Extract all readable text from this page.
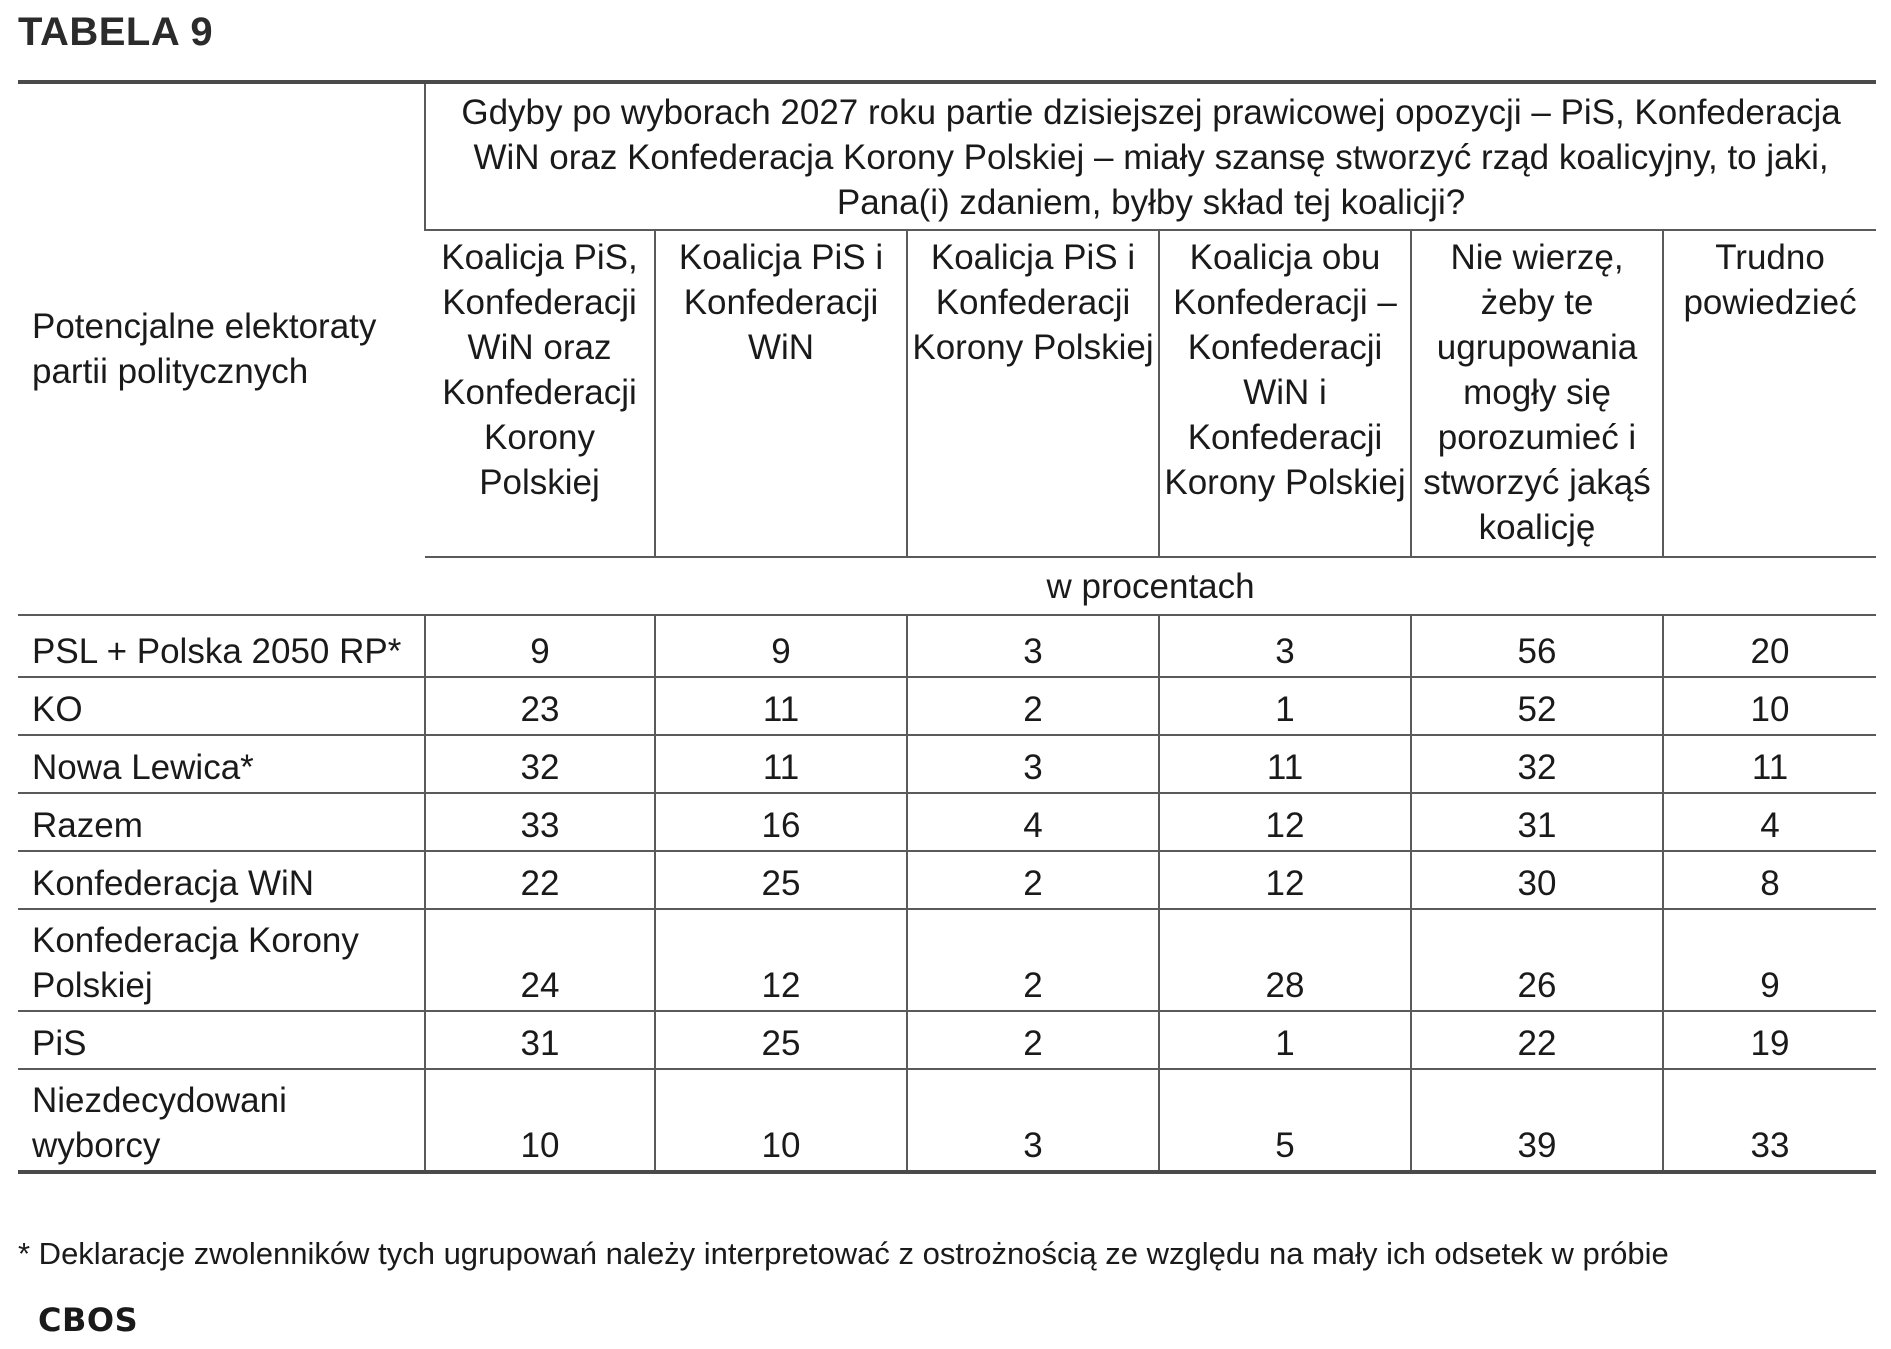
TABELA 9
Potencjalne elektoraty partii politycznych	Gdyby po wyborach 2027 roku partie dzisiejszej prawicowej opozycji – PiS, Konfederacja WiN oraz Konfederacja Korony Polskiej – miały szansę stworzyć rząd koalicyjny, to jaki, Pana(i) zdaniem, byłby skład tej koalicji?					
	Koalicja PiS, Konfederacji WiN oraz Konfederacji Korony Polskiej	Koalicja PiS i Konfederacji WiN	Koalicja PiS i Konfederacji Korony Polskiej	Koalicja obu Konfederacji – Konfederacji WiN i Konfederacji Korony Polskiej	Nie wierzę, żeby te ugrupowania mogły się porozumieć i stworzyć jakąś koalicję	Trudno powiedzieć
	w procentach					
PSL + Polska 2050 RP*	9	9	3	3	56	20
KO	23	11	2	1	52	10
Nowa Lewica*	32	11	3	11	32	11
Razem	33	16	4	12	31	4
Konfederacja WiN	22	25	2	12	30	8
Konfederacja Korony Polskiej	24	12	2	28	26	9
PiS	31	25	2	1	22	19
Niezdecydowani wyborcy	10	10	3	5	39	33
* Deklaracje zwolenników tych ugrupowań należy interpretować z ostrożnością ze względu na mały ich odsetek w próbie
CBOS
